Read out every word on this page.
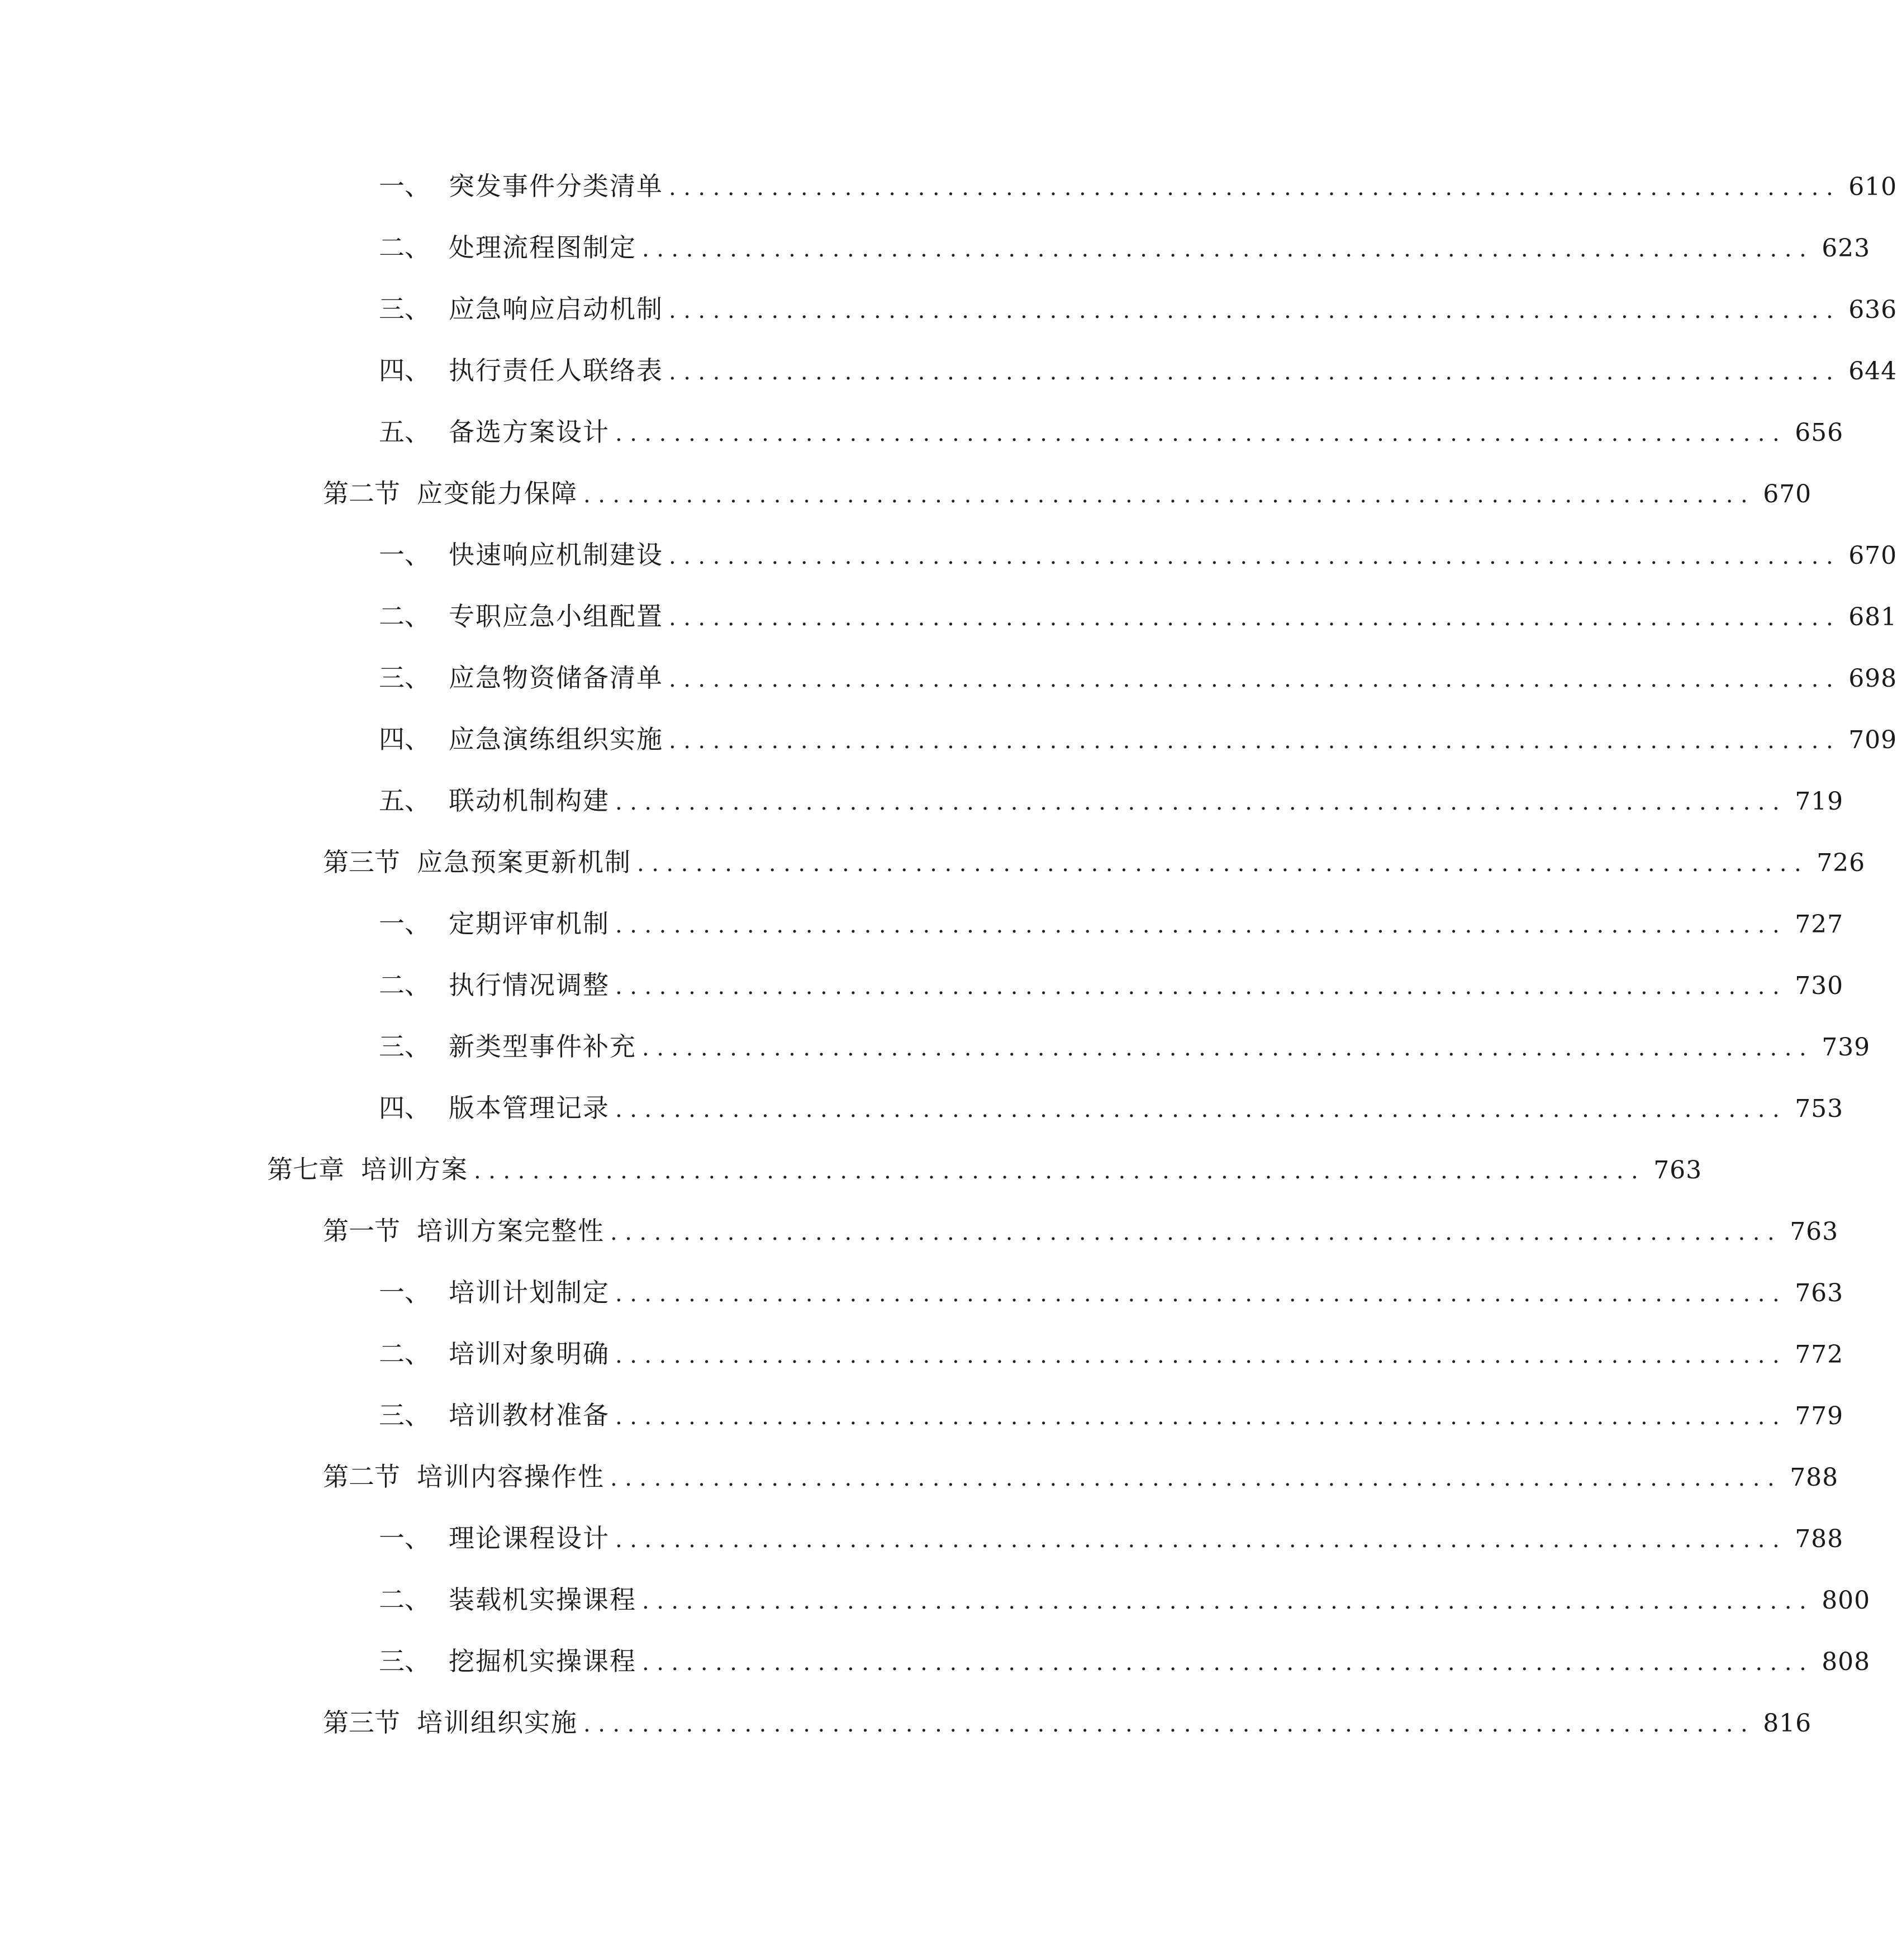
一、 突发事件分类清单 ................................................................................ 610
二、 处理流程图制定 ................................................................................ 623
三、 应急响应启动机制 ................................................................................ 636
四、 执行责任人联络表 ................................................................................ 644
五、 备选方案设计 ................................................................................ 656
第二节 应变能力保障 ................................................................................ 670
一、 快速响应机制建设 ................................................................................ 670
二、 专职应急小组配置 ................................................................................ 681
三、 应急物资储备清单 ................................................................................ 698
四、 应急演练组织实施 ................................................................................ 709
五、 联动机制构建 ................................................................................ 719
第三节 应急预案更新机制 ................................................................................ 726
一、 定期评审机制 ................................................................................ 727
二、 执行情况调整 ................................................................................ 730
三、 新类型事件补充 ................................................................................ 739
四、 版本管理记录 ................................................................................ 753
第七章 培训方案 ................................................................................ 763
第一节 培训方案完整性 ................................................................................ 763
一、 培训计划制定 ................................................................................ 763
二、 培训对象明确 ................................................................................ 772
三、 培训教材准备 ................................................................................ 779
第二节 培训内容操作性 ................................................................................ 788
一、 理论课程设计 ................................................................................ 788
二、 装载机实操课程 ................................................................................ 800
三、 挖掘机实操课程 ................................................................................ 808
第三节 培训组织实施 ................................................................................ 816
